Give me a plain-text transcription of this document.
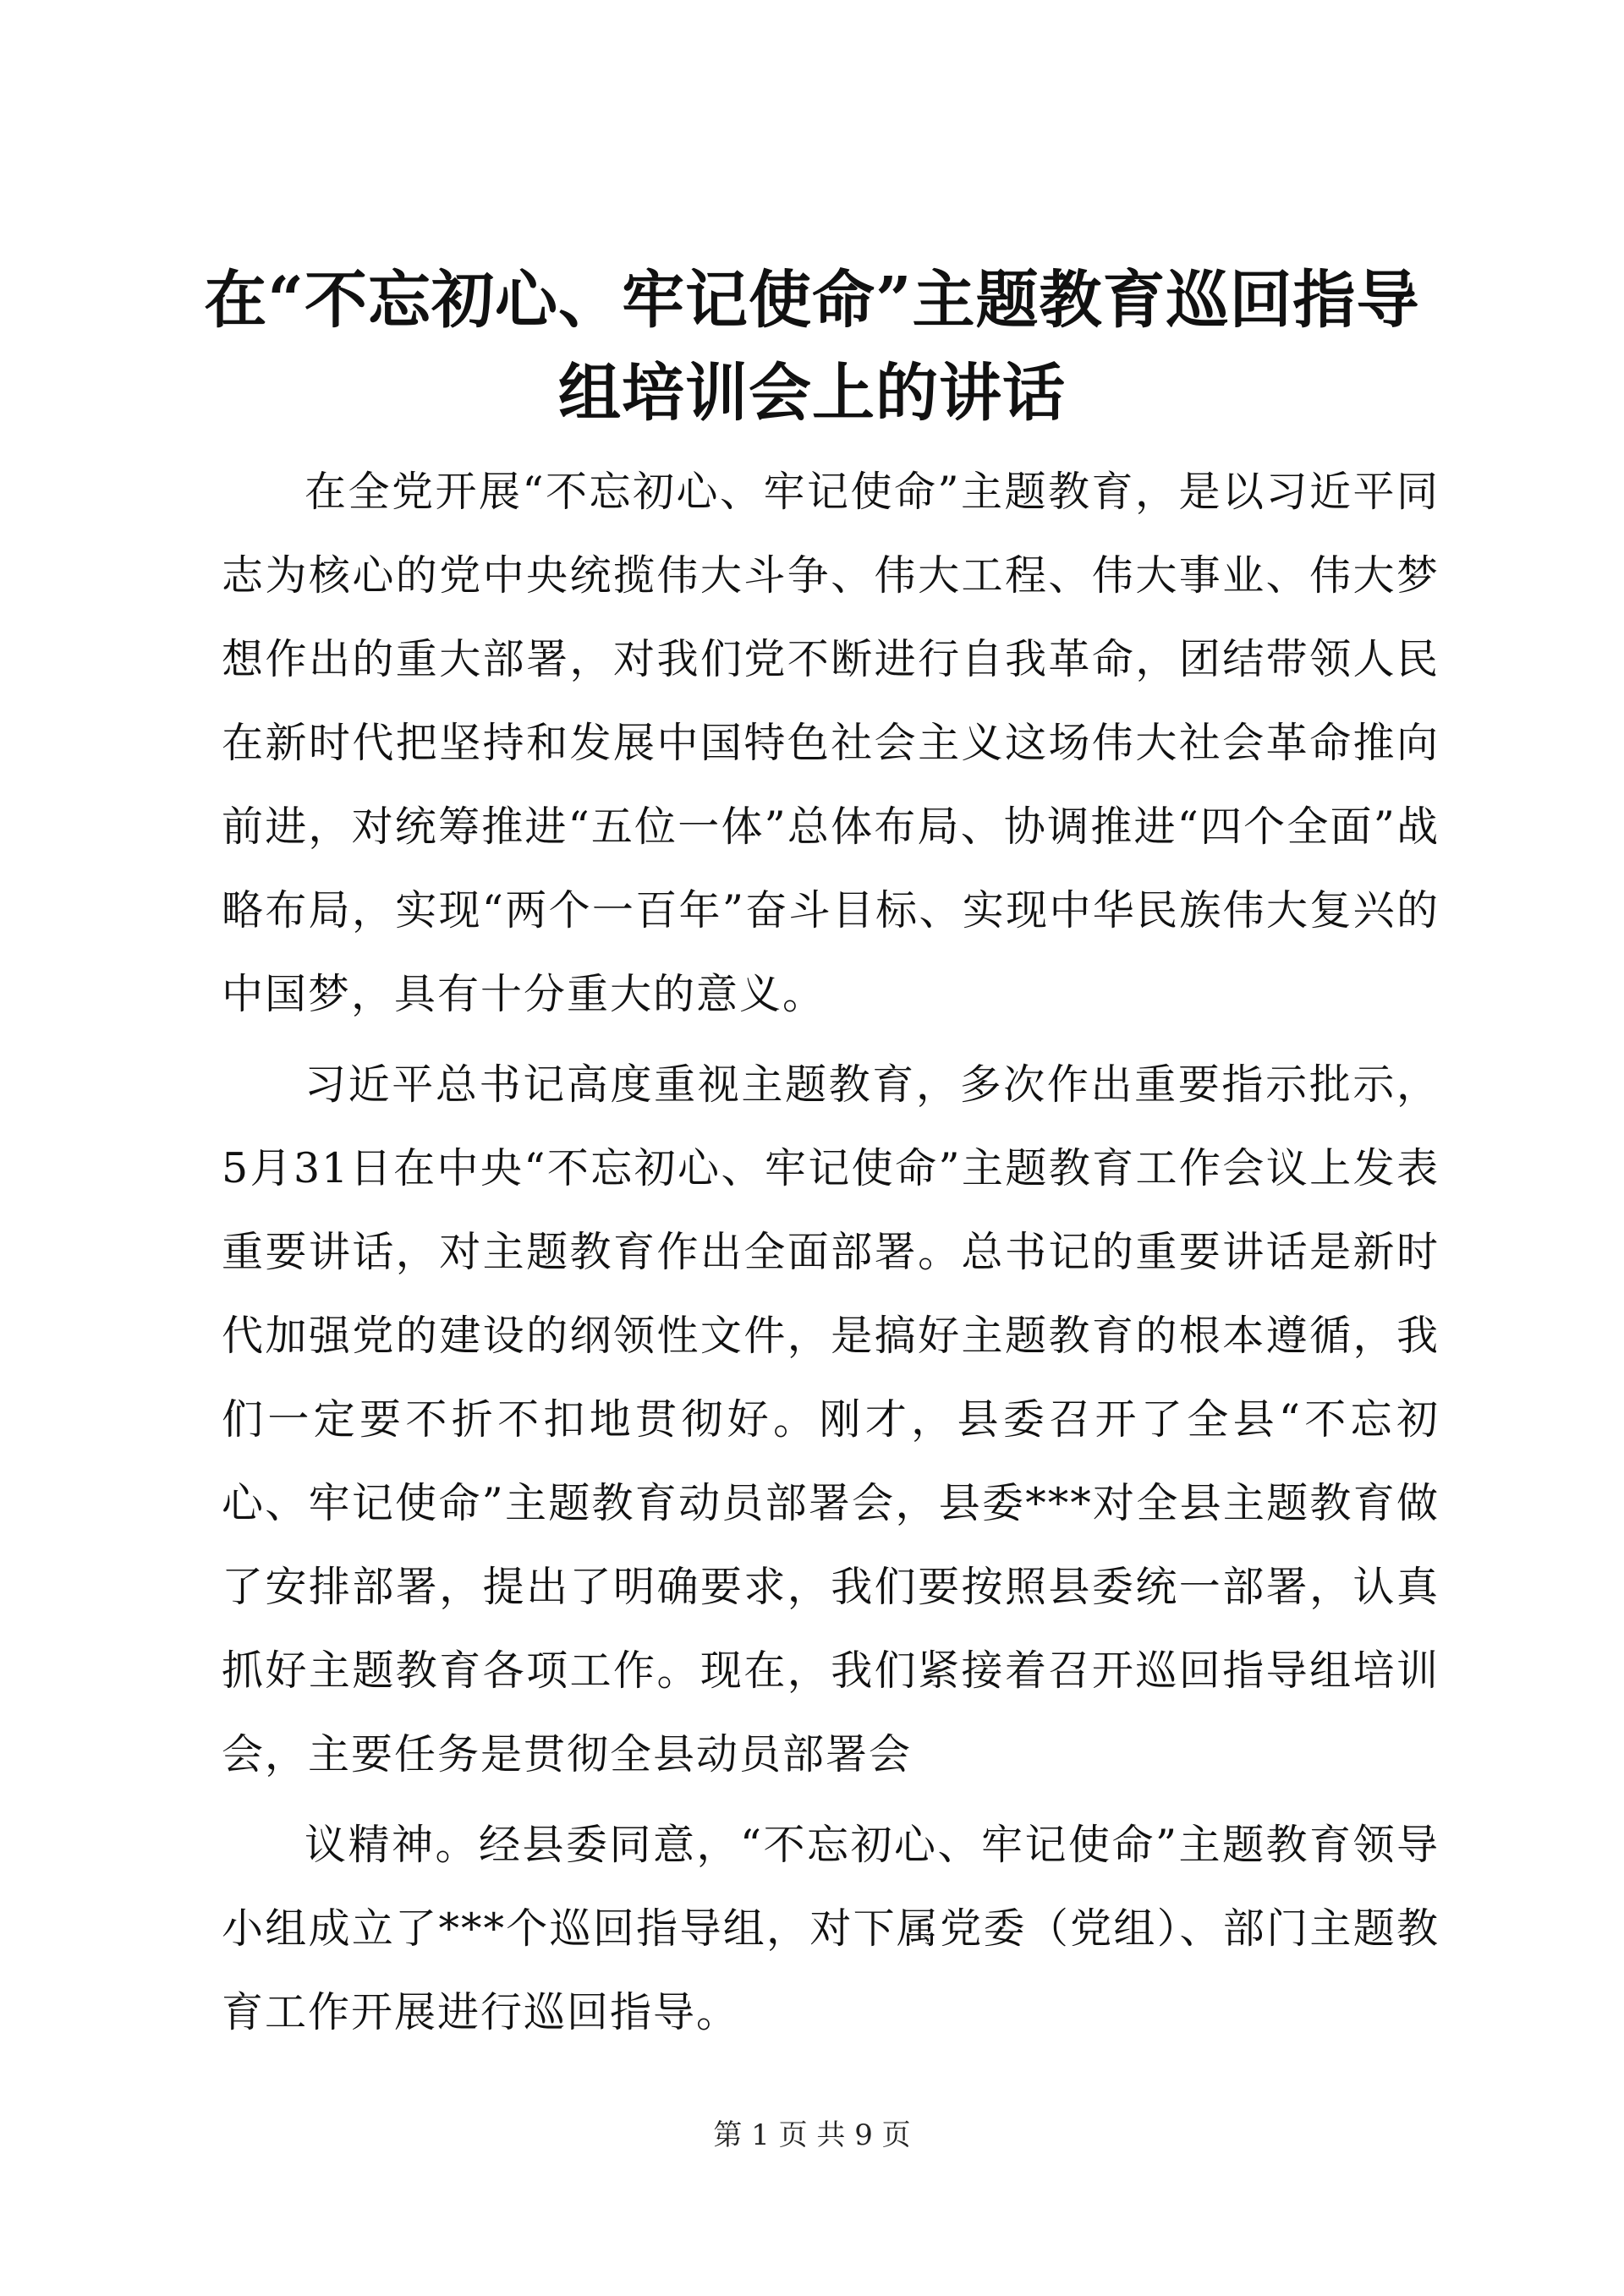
在“不忘初心、牢记使命”主题教育巡回指导
组培训会上的讲话

在全党开展“不忘初心、牢记使命”主题教育，是以习近平同志为核心的党中央统揽伟大斗争、伟大工程、伟大事业、伟大梦想作出的重大部署，对我们党不断进行自我革命，团结带领人民在新时代把坚持和发展中国特色社会主义这场伟大社会革命推向前进，对统筹推进“五位一体”总体布局、协调推进“四个全面”战略布局，实现“两个一百年”奋斗目标、实现中华民族伟大复兴的中国梦，具有十分重大的意义。

习近平总书记高度重视主题教育，多次作出重要指示批示，5月31日在中央“不忘初心、牢记使命”主题教育工作会议上发表重要讲话，对主题教育作出全面部署。总书记的重要讲话是新时代加强党的建设的纲领性文件，是搞好主题教育的根本遵循，我们一定要不折不扣地贯彻好。刚才，县委召开了全县“不忘初心、牢记使命”主题教育动员部署会，县委***对全县主题教育做了安排部署，提出了明确要求，我们要按照县委统一部署，认真抓好主题教育各项工作。现在，我们紧接着召开巡回指导组培训会，主要任务是贯彻全县动员部署会

议精神。经县委同意，“不忘初心、牢记使命”主题教育领导小组成立了***个巡回指导组，对下属党委（党组）、部门主题教育工作开展进行巡回指导。

第 1 页 共 9 页
